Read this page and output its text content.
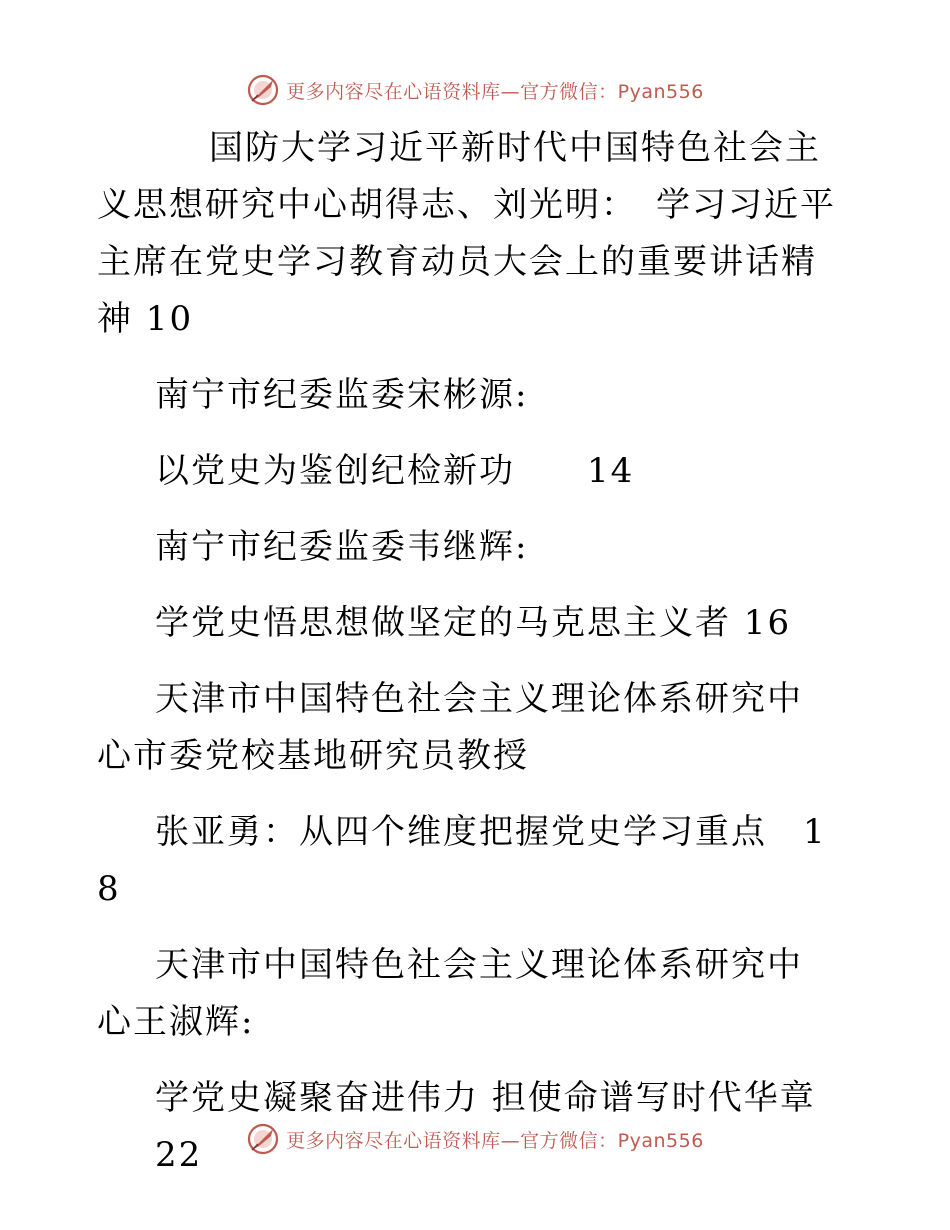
更多内容尽在心语资料库—官方微信：Pyan556

国防大学习近平新时代中国特色社会主义思想研究中心胡得志、刘光明：　学习习近平主席在党史学习教育动员大会上的重要讲话精神 10

南宁市纪委监委宋彬源:

以党史为鉴创纪检新功　　14

南宁市纪委监委韦继辉:

学党史悟思想做坚定的马克思主义者 16

天津市中国特色社会主义理论体系研究中心市委党校基地研究员教授

张亚勇：从四个维度把握党史学习重点　18

天津市中国特色社会主义理论体系研究中心王淑辉:

学党史凝聚奋进伟力 担使命谱写时代华章

22	更多内容尽在心语资料库—官方微信：Pyan556
